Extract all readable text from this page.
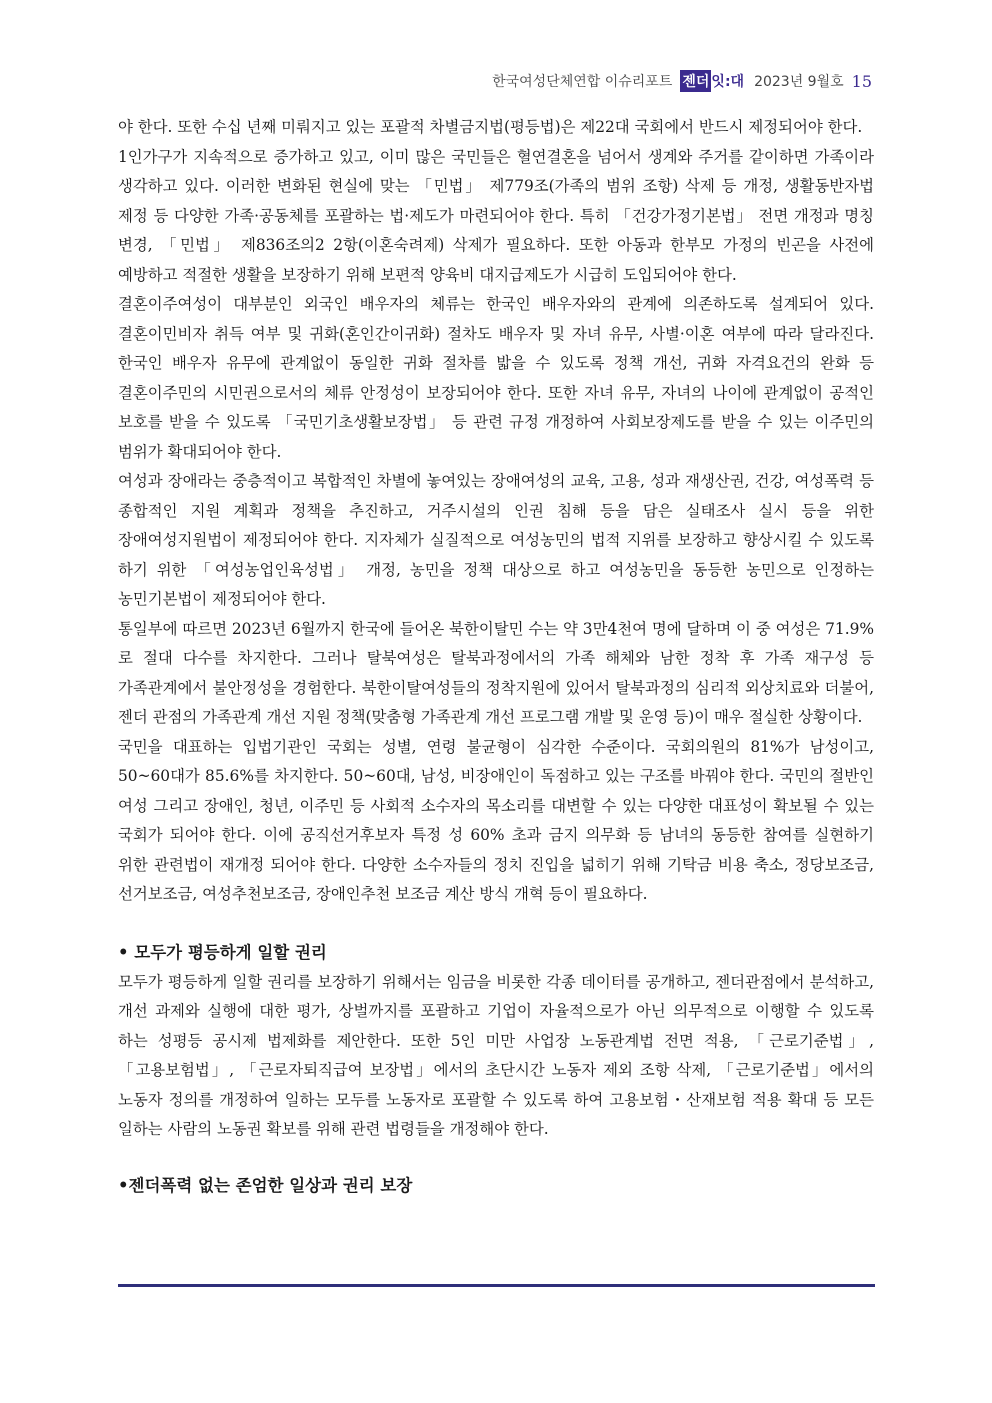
한국여성단체연합 이슈리포트 젠더 잇:대 2023년 9월호 15

야 한다. 또한 수십 년째 미뤄지고 있는 포괄적 차별금지법(평등법)은 제22대 국회에서 반드시 제정되어야 한다.

1인가구가 지속적으로 증가하고 있고, 이미 많은 국민들은 혈연결혼을 넘어서 생계와 주거를 같이하면 가족이라 생각하고 있다. 이러한 변화된 현실에 맞는 「민법」 제779조(가족의 범위 조항) 삭제 등 개정, 생활동반자법 제정 등 다양한 가족·공동체를 포괄하는 법·제도가 마련되어야 한다. 특히 「건강가정기본법」 전면 개정과 명칭 변경, 「민법」 제836조의2 2항(이혼숙려제) 삭제가 필요하다. 또한 아동과 한부모 가정의 빈곤을 사전에 예방하고 적절한 생활을 보장하기 위해 보편적 양육비 대지급제도가 시급히 도입되어야 한다.

결혼이주여성이 대부분인 외국인 배우자의 체류는 한국인 배우자와의 관계에 의존하도록 설계되어 있다. 결혼이민비자 취득 여부 및 귀화(혼인간이귀화) 절차도 배우자 및 자녀 유무, 사별·이혼 여부에 따라 달라진다. 한국인 배우자 유무에 관계없이 동일한 귀화 절차를 밟을 수 있도록 정책 개선, 귀화 자격요건의 완화 등 결혼이주민의 시민권으로서의 체류 안정성이 보장되어야 한다. 또한 자녀 유무, 자녀의 나이에 관계없이 공적인 보호를 받을 수 있도록 「국민기초생활보장법」 등 관련 규정 개정하여 사회보장제도를 받을 수 있는 이주민의 범위가 확대되어야 한다.

여성과 장애라는 중층적이고 복합적인 차별에 놓여있는 장애여성의 교육, 고용, 성과 재생산권, 건강, 여성폭력 등 종합적인 지원 계획과 정책을 추진하고, 거주시설의 인권 침해 등을 담은 실태조사 실시 등을 위한 장애여성지원법이 제정되어야 한다. 지자체가 실질적으로 여성농민의 법적 지위를 보장하고 향상시킬 수 있도록 하기 위한 「여성농업인육성법」 개정, 농민을 정책 대상으로 하고 여성농민을 동등한 농민으로 인정하는 농민기본법이 제정되어야 한다.

통일부에 따르면 2023년 6월까지 한국에 들어온 북한이탈민 수는 약 3만4천여 명에 달하며 이 중 여성은 71.9%로 절대 다수를 차지한다. 그러나 탈북여성은 탈북과정에서의 가족 해체와 남한 정착 후 가족 재구성 등 가족관계에서 불안정성을 경험한다. 북한이탈여성들의 정착지원에 있어서 탈북과정의 심리적 외상치료와 더불어, 젠더 관점의 가족관계 개선 지원 정책(맞춤형 가족관계 개선 프로그램 개발 및 운영 등)이 매우 절실한 상황이다.

국민을 대표하는 입법기관인 국회는 성별, 연령 불균형이 심각한 수준이다. 국회의원의 81%가 남성이고, 50~60대가 85.6%를 차지한다. 50~60대, 남성, 비장애인이 독점하고 있는 구조를 바꿔야 한다. 국민의 절반인 여성 그리고 장애인, 청년, 이주민 등 사회적 소수자의 목소리를 대변할 수 있는 다양한 대표성이 확보될 수 있는 국회가 되어야 한다. 이에 공직선거후보자 특정 성 60% 초과 금지 의무화 등 남녀의 동등한 참여를 실현하기 위한 관련법이 재개정 되어야 한다. 다양한 소수자들의 정치 진입을 넓히기 위해 기탁금 비용 축소, 정당보조금, 선거보조금, 여성추천보조금, 장애인추천 보조금 계산 방식 개혁 등이 필요하다.

• 모두가 평등하게 일할 권리

모두가 평등하게 일할 권리를 보장하기 위해서는 임금을 비롯한 각종 데이터를 공개하고, 젠더관점에서 분석하고, 개선 과제와 실행에 대한 평가, 상벌까지를 포괄하고 기업이 자율적으로가 아닌 의무적으로 이행할 수 있도록 하는 성평등 공시제 법제화를 제안한다. 또한 5인 미만 사업장 노동관계법 전면 적용, 「근로기준법」, 「고용보험법」, 「근로자퇴직급여 보장법」에서의 초단시간 노동자 제외 조항 삭제, 「근로기준법」에서의 노동자 정의를 개정하여 일하는 모두를 노동자로 포괄할 수 있도록 하여 고용보험・산재보험 적용 확대 등 모든 일하는 사람의 노동권 확보를 위해 관련 법령들을 개정해야 한다.

•젠더폭력 없는 존엄한 일상과 권리 보장
